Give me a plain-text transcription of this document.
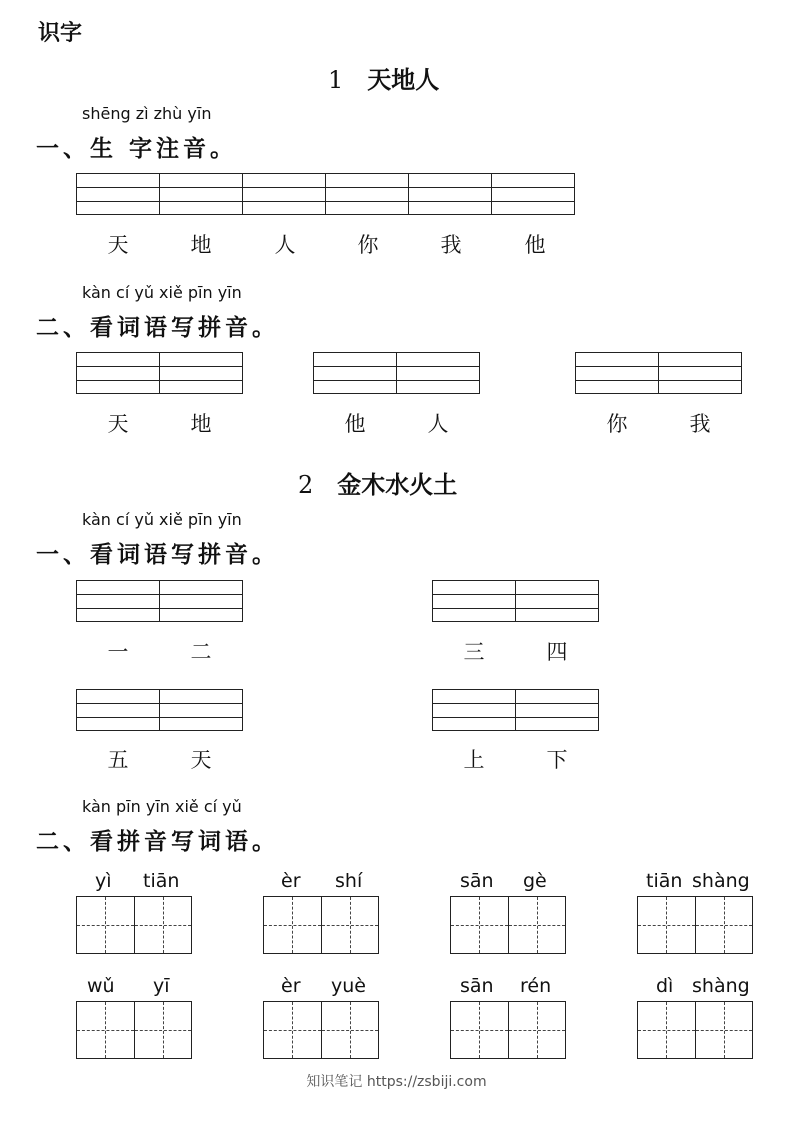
识字
1 天地人
shēng zì zhù yīn
一、生 字注音。
天	地	人	你	我	他
kàn cí yǔ xiě pīn yīn
二、看词语写拼音。
天	地	他	人	你	我
2 金木水火土
kàn cí yǔ xiě pīn yīn
一、看词语写拼音。
一	二	三	四
五	天	上	下
kàn pīn yīn xiě cí yǔ
二、看拼音写词语。
yì tiān	èr shí	sān gè	tiān shàng
wǔ yī	èr yuè	sān rén	dì shàng
知识笔记 https://zsbiji.com
